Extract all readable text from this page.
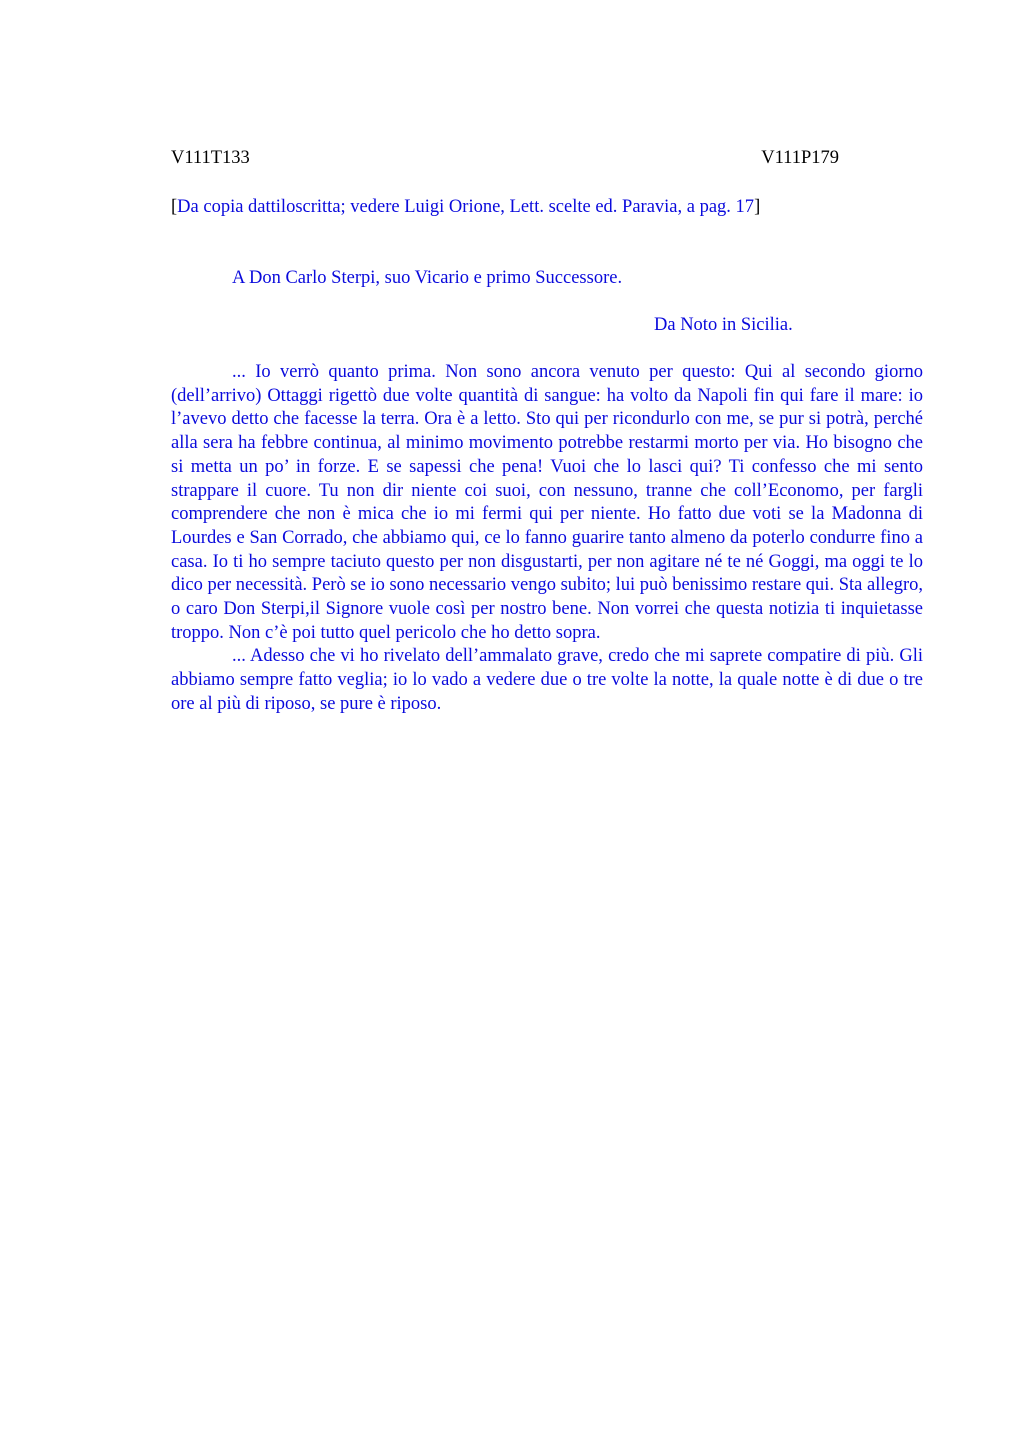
V111T133	V111P179
[Da copia dattiloscritta; vedere Luigi Orione, Lett. scelte ed. Paravia, a pag. 17]
A Don Carlo Sterpi, suo Vicario e primo Successore.
Da Noto in Sicilia.

... Io verrò quanto prima. Non sono ancora venuto per questo: Qui al secondo giorno (dell’arrivo) Ottaggi rigettò due volte quantità di sangue: ha volto da Napoli fin qui fare il mare: io l’avevo detto che facesse la terra. Ora è a letto. Sto qui per ricondurlo con me, se pur si potrà, perché alla sera ha febbre continua, al minimo movimento potrebbe restarmi morto per via. Ho bisogno che si metta un po’ in forze. E se sapessi che pena! Vuoi che lo lasci qui? Ti confesso che mi sento strappare il cuore. Tu non dir niente coi suoi, con nessuno, tranne che coll’Economo, per fargli comprendere che non è mica che io mi fermi qui per niente. Ho fatto due voti se la Madonna di Lourdes e San Corrado, che abbiamo qui, ce lo fanno guarire tanto almeno da poterlo condurre fino a casa. Io ti ho sempre taciuto questo per non disgustarti, per non agitare né te né Goggi, ma oggi te lo dico per necessità. Però se io sono necessario vengo subito; lui può benissimo restare qui. Sta allegro, o caro Don Sterpi,il Signore vuole così per nostro bene. Non vorrei che questa notizia ti inquietasse troppo. Non c’è poi tutto quel pericolo che ho detto sopra.

... Adesso che vi ho rivelato dell’ammalato grave, credo che mi saprete compatire di più. Gli abbiamo sempre fatto veglia; io lo vado a vedere due o tre volte la notte, la quale notte è di due o tre ore al più di riposo, se pure è riposo.
